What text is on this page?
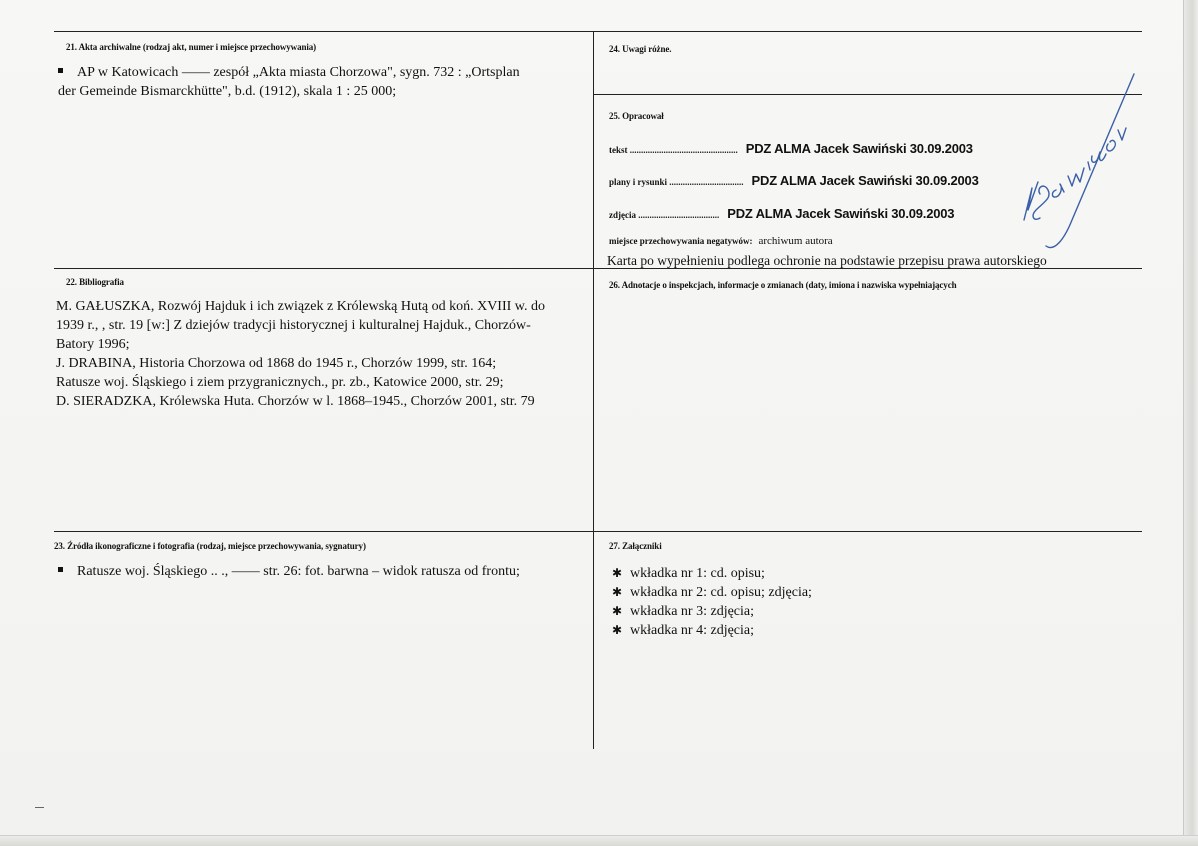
21. Akta archiwalne (rodzaj akt, numer i miejsce przechowywania)
AP w Katowicach —— zespół „Akta miasta Chorzowa", sygn. 732 : „Ortsplan
der Gemeinde Bismarckhütte", b.d. (1912), skala 1 : 25 000;
24. Uwagi różne.
25. Opracował
tekst ................................................ PDZ ALMA Jacek Sawiński 30.09.2003
plany i rysunki ................................. PDZ ALMA Jacek Sawiński 30.09.2003
zdjęcia .................................... PDZ ALMA Jacek Sawiński 30.09.2003
miejsce przechowywania negatywów: archiwum autora
Karta po wypełnieniu podlega ochronie na podstawie przepisu prawa autorskiego
22. Bibliografia
M. GAŁUSZKA, Rozwój Hajduk i ich związek z Królewską Hutą od koń. XVIII w. do
1939 r., , str. 19 [w:] Z dziejów tradycji historycznej i kulturalnej Hajduk., Chorzów-
Batory 1996;
J. DRABINA, Historia Chorzowa od 1868 do 1945 r., Chorzów 1999, str. 164;
Ratusze woj. Śląskiego i ziem przygranicznych., pr. zb., Katowice 2000, str. 29;
D. SIERADZKA, Królewska Huta. Chorzów w l. 1868–1945., Chorzów 2001, str. 79
26. Adnotacje o inspekcjach, informacje o zmianach (daty, imiona i nazwiska wypełniających
23. Źródła ikonograficzne i fotografia (rodzaj, miejsce przechowywania, sygnatury)
Ratusze woj. Śląskiego .. ., —— str. 26: fot. barwna – widok ratusza od frontu;
27. Załączniki
✱ wkładka nr 1: cd. opisu;
✱ wkładka nr 2: cd. opisu; zdjęcia;
✱ wkładka nr 3: zdjęcia;
✱ wkładka nr 4: zdjęcia;
